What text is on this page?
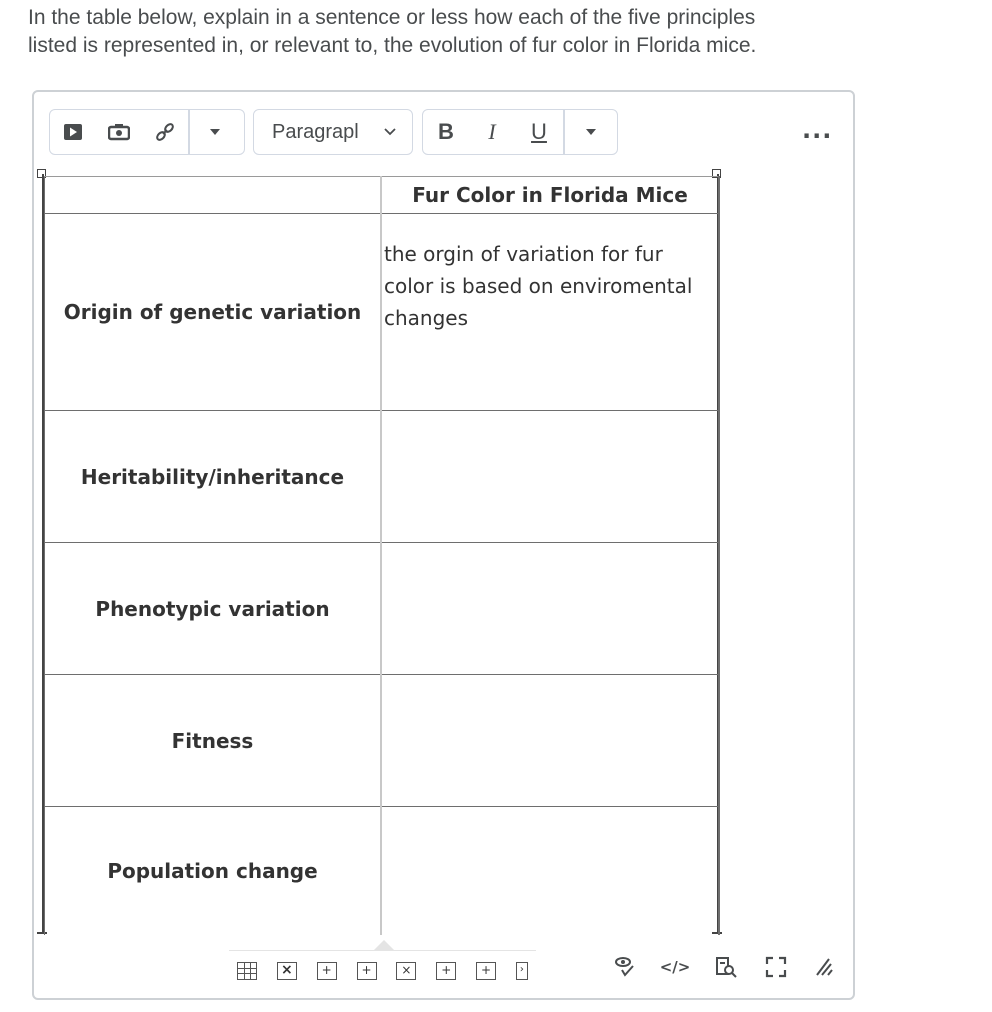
In the table below, explain in a sentence or less how each of the five principles
listed is represented in, or relevant to, the evolution of fur color in Florida mice.
Paragrapl	B	I	U	...
	Fur Color in Florida Mice
Origin of genetic variation	the orgin of variation for fur color is based on enviromental changes

Heritability/inheritance	

Phenotypic variation	

Fitness	

Population change	
×	+	+	×	+	+	›	</>
